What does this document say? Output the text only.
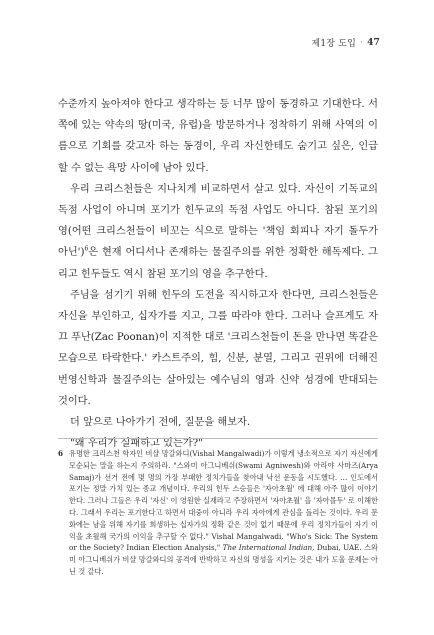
제1장 도입 · 47

수준까지 높아져야 한다고 생각하는 등 너무 많이 동경하고 기대한다. 서쪽에 있는 약속의 땅(미국, 유럽)을 방문하거나 정착하기 위해 사역의 이름으로 기회를 갖고자 하는 동경이, 우리 자신한테도 숨기고 싶은, 인급할 수 없는 욕망 사이에 남아 있다.

우리 크리스천들은 지나치게 비교하면서 살고 있다. 자신이 기독교의 독점 사업이 아니며 포기가 힌두교의 독점 사업도 아니다. 참된 포기의 영(어떤 크리스천들이 비꼬는 식으로 말하는 '책임 회피나 자기 돌두가 아닌')$^6$은 현재 어디서나 존재하는 물질주의를 위한 정확한 해독제다. 그리고 힌두들도 역시 참된 포기의 영을 추구한다.

주님을 섬기기 위해 힌두의 도전을 직시하고자 한다면, 크리스천들은 자신을 부인하고, 십자가를 지고, 그를 따라야 한다. 그러나 슬프게도 자끄 푸난(Zac Poonan)이 지적한 대로 '크리스천들이 돈을 만나면 똑같은 모습으로 타락한다.' 카스트주의, 힘, 신분, 분열, 그리고 권위에 더해진 번영신학과 물질주의는 살아있는 예수님의 영과 신약 성경에 반대되는 것이다.

더 앞으로 나아가기 전에, 질문을 해보자.

"왜 우리가 실패하고 있는가?"

6 유명한 크리스천 학자인 비샬 망갈와디(Vishal Mangalwadi)가 이렇게 냉소적으로 자기 자신에게 모순되는 말을 하는지 주의하라. "스와미 아그니베쉬(Swami Agniwesh)와 아라야 사마즈(Arya Samaj)가 선거 전에 몇 명의 가장 부패한 정치가들을 찾아내 낙선 운동을 시도했다. … 인도에서 포기는 정말 가치 있는 종교 개념이다. 우리의 힌두 스승들은 '자아초월' 에 대해 아주 많이 이야기한다. 그러나 그들은 우리 '자신' 이 영원한 실재라고 주장하면서 '자아초월' 을 '자아몰두' 로 이해한다. 그래서 우리는 포기한다고 하면서 대중이 아니라 우리 자아에게 관심을 돌리는 것이다. 우리 문화에는 남을 위해 자기를 희생하는 십자가의 정확 같은 것이 없기 때문에 우리 정치가들이 자기 이익을 초월해 국가의 이익을 추구할 수 없다." Vishal Mangalwadi, "Who's Sick: The System or the Society? Indian Election Analysis," The International Indian, Dubai, UAE. 스와미 아그니베쉬가 비샬 망갈와디의 공격에 반박하고 자신의 명성을 지키는 것은 내가 도울 문제는 아닌 것 같다.
